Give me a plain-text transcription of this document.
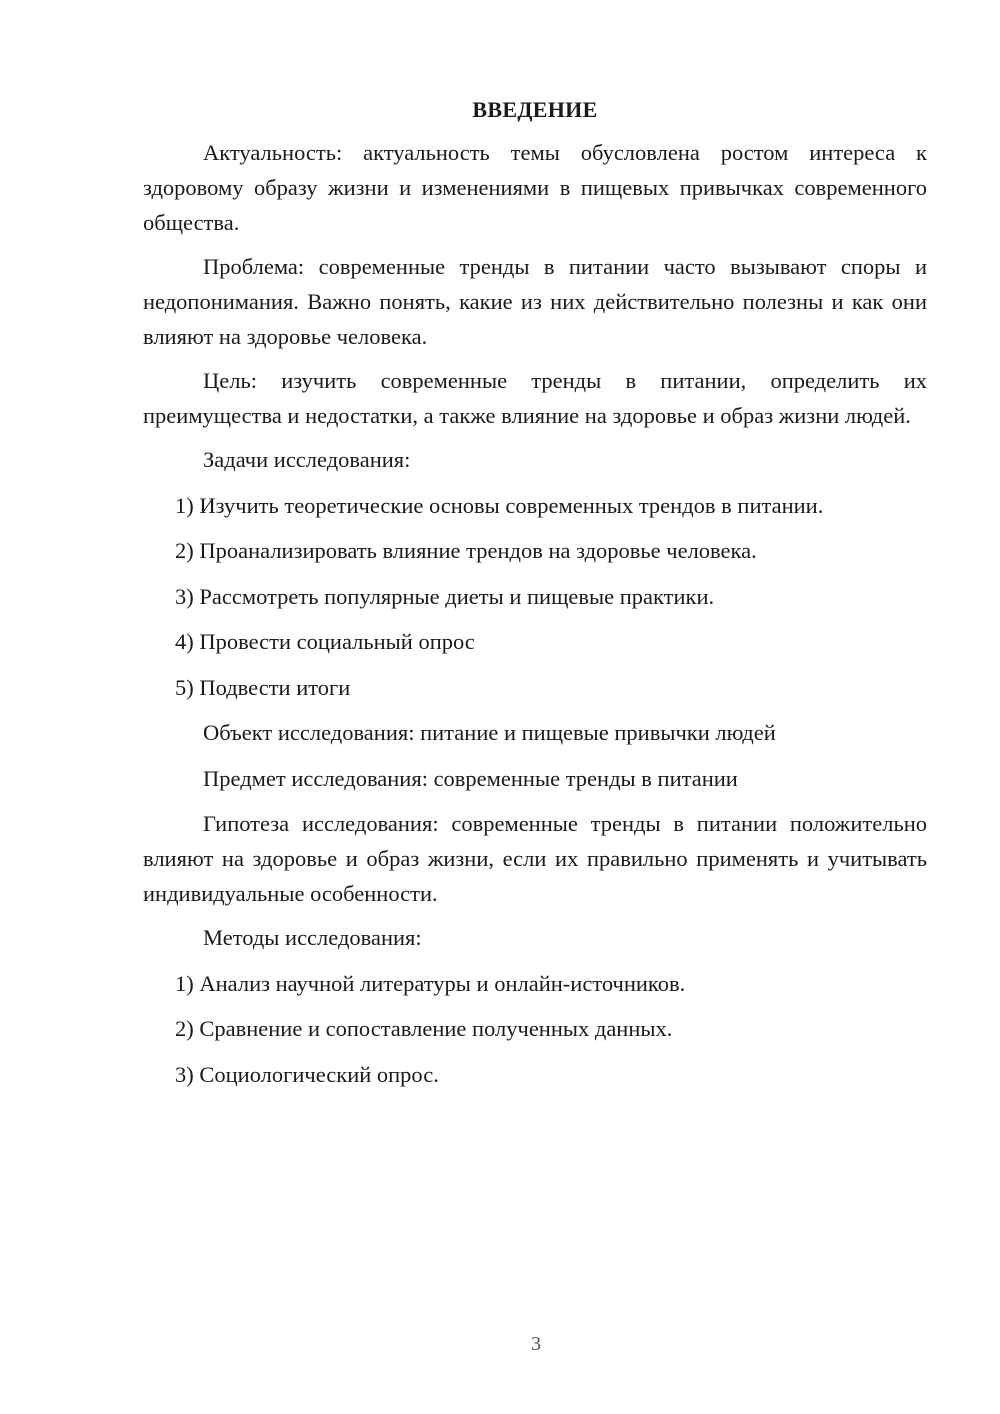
ВВЕДЕНИЕ

Актуальность: актуальность темы обусловлена ростом интереса к здоровому образу жизни и изменениями в пищевых привычках современного общества.

Проблема: современные тренды в питании часто вызывают споры и недопонимания. Важно понять, какие из них действительно полезны и как они влияют на здоровье человека.

Цель: изучить современные тренды в питании, определить их преимущества и недостатки, а также влияние на здоровье и образ жизни людей.

Задачи исследования:
1) Изучить теоретические основы современных трендов в питании.
2) Проанализировать влияние трендов на здоровье человека.
3) Рассмотреть популярные диеты и пищевые практики.
4) Провести социальный опрос
5) Подвести итоги
Объект исследования: питание и пищевые привычки людей
Предмет исследования: современные тренды в питании

Гипотеза исследования: современные тренды в питании положительно влияют на здоровье и образ жизни, если их правильно применять и учитывать индивидуальные особенности.

Методы исследования:
1) Анализ научной литературы и онлайн-источников.
2) Сравнение и сопоставление полученных данных.
3) Социологический опрос.
3
